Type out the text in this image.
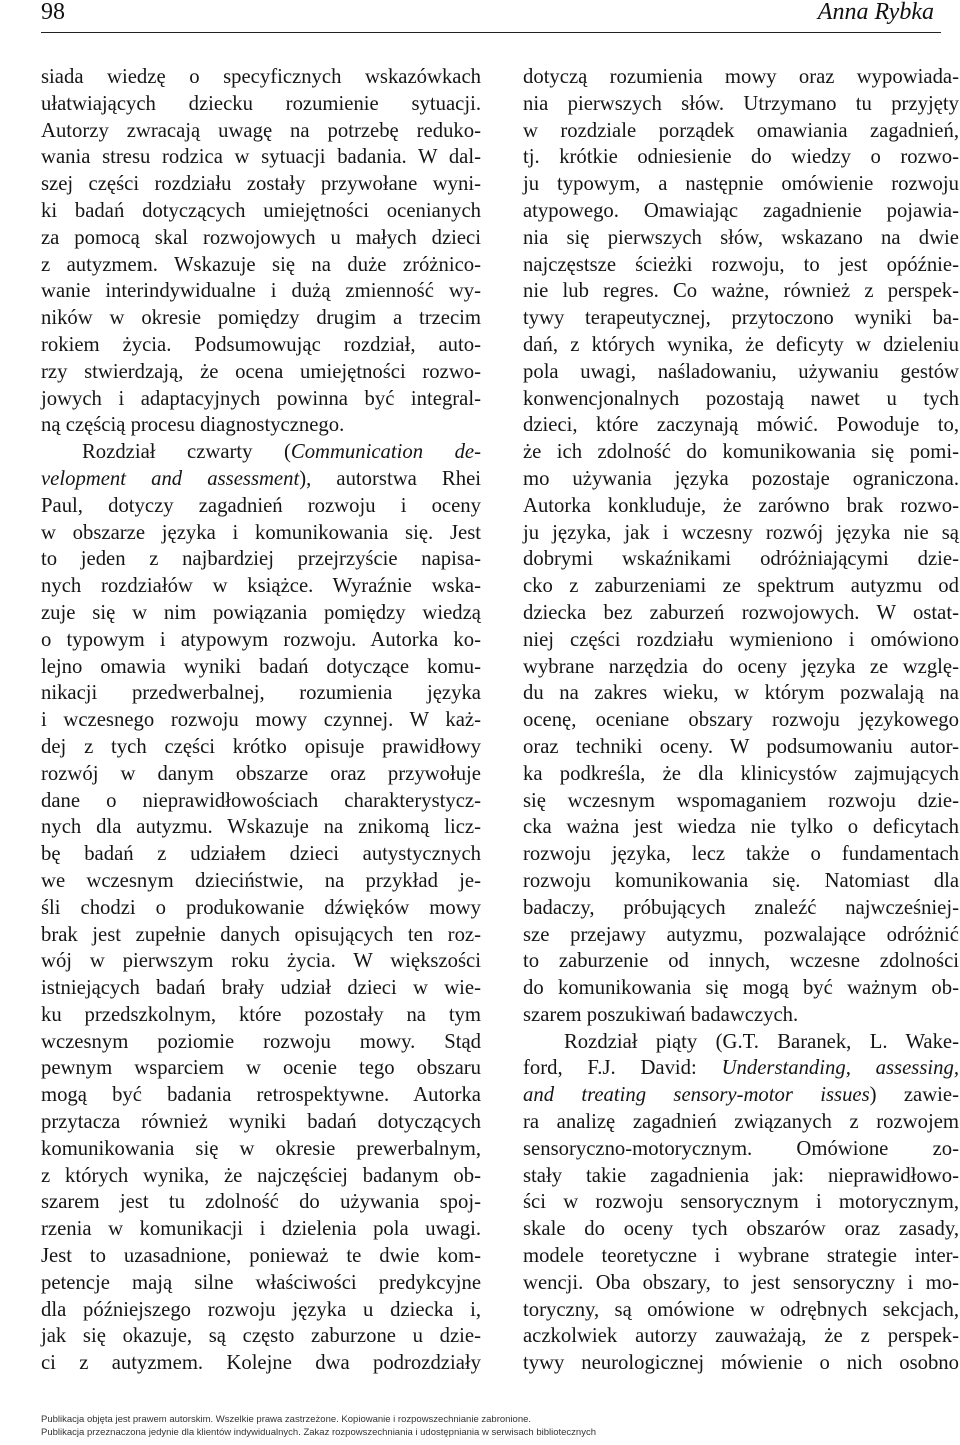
98	Anna Rybka
siada wiedzę o specyficznych wskazówkach
ułatwiających dziecku rozumienie sytuacji.
Autorzy zwracają uwagę na potrzebę reduko-
wania stresu rodzica w sytuacji badania. W dal-
szej części rozdziału zostały przywołane wyni-
ki badań dotyczących umiejętności ocenianych
za pomocą skal rozwojowych u małych dzieci
z autyzmem. Wskazuje się na duże zróżnico-
wanie interindywidualne i dużą zmienność wy-
ników w okresie pomiędzy drugim a trzecim
rokiem życia. Podsumowując rozdział, auto-
rzy stwierdzają, że ocena umiejętności rozwo-
jowych i adaptacyjnych powinna być integral-
ną częścią procesu diagnostycznego.
Rozdział czwarty (Communication de-
velopment and assessment), autorstwa Rhei
Paul, dotyczy zagadnień rozwoju i oceny
w obszarze języka i komunikowania się. Jest
to jeden z najbardziej przejrzyście napisa-
nych rozdziałów w książce. Wyraźnie wska-
zuje się w nim powiązania pomiędzy wiedzą
o typowym i atypowym rozwoju. Autorka ko-
lejno omawia wyniki badań dotyczące komu-
nikacji przedwerbalnej, rozumienia języka
i wczesnego rozwoju mowy czynnej. W każ-
dej z tych części krótko opisuje prawidłowy
rozwój w danym obszarze oraz przywołuje
dane o nieprawidłowościach charakterystycz-
nych dla autyzmu. Wskazuje na znikomą licz-
bę badań z udziałem dzieci autystycznych
we wczesnym dzieciństwie, na przykład je-
śli chodzi o produkowanie dźwięków mowy
brak jest zupełnie danych opisujących ten roz-
wój w pierwszym roku życia. W większości
istniejących badań brały udział dzieci w wie-
ku przedszkolnym, które pozostały na tym
wczesnym poziomie rozwoju mowy. Stąd
pewnym wsparciem w ocenie tego obszaru
mogą być badania retrospektywne. Autorka
przytacza również wyniki badań dotyczących
komunikowania się w okresie prewerbalnym,
z których wynika, że najczęściej badanym ob-
szarem jest tu zdolność do używania spoj-
rzenia w komunikacji i dzielenia pola uwagi.
Jest to uzasadnione, ponieważ te dwie kom-
petencje mają silne właściwości predykcyjne
dla późniejszego rozwoju języka u dziecka i,
jak się okazuje, są często zaburzone u dzie-
ci z autyzmem. Kolejne dwa podrozdziały
dotyczą rozumienia mowy oraz wypowiada-
nia pierwszych słów. Utrzymano tu przyjęty
w rozdziale porządek omawiania zagadnień,
tj. krótkie odniesienie do wiedzy o rozwo-
ju typowym, a następnie omówienie rozwoju
atypowego. Omawiając zagadnienie pojawia-
nia się pierwszych słów, wskazano na dwie
najczęstsze ścieżki rozwoju, to jest opóźnie-
nie lub regres. Co ważne, również z perspek-
tywy terapeutycznej, przytoczono wyniki ba-
dań, z których wynika, że deficyty w dzieleniu
pola uwagi, naśladowaniu, używaniu gestów
konwencjonalnych pozostają nawet u tych
dzieci, które zaczynają mówić. Powoduje to,
że ich zdolność do komunikowania się pomi-
mo używania języka pozostaje ograniczona.
Autorka konkluduje, że zarówno brak rozwo-
ju języka, jak i wczesny rozwój języka nie są
dobrymi wskaźnikami odróżniającymi dzie-
cko z zaburzeniami ze spektrum autyzmu od
dziecka bez zaburzeń rozwojowych. W ostat-
niej części rozdziału wymieniono i omówiono
wybrane narzędzia do oceny języka ze wzglę-
du na zakres wieku, w którym pozwalają na
ocenę, oceniane obszary rozwoju językowego
oraz techniki oceny. W podsumowaniu autor-
ka podkreśla, że dla klinicystów zajmujących
się wczesnym wspomaganiem rozwoju dzie-
cka ważna jest wiedza nie tylko o deficytach
rozwoju języka, lecz także o fundamentach
rozwoju komunikowania się. Natomiast dla
badaczy, próbujących znaleźć najwcześniej-
sze przejawy autyzmu, pozwalające odróżnić
to zaburzenie od innych, wczesne zdolności
do komunikowania się mogą być ważnym ob-
szarem poszukiwań badawczych.
Rozdział piąty (G.T. Baranek, L. Wake-
ford, F.J. David: Understanding, assessing,
and treating sensory-motor issues) zawie-
ra analizę zagadnień związanych z rozwojem
sensoryczno-motorycznym. Omówione zo-
stały takie zagadnienia jak: nieprawidłowo-
ści w rozwoju sensorycznym i motorycznym,
skale do oceny tych obszarów oraz zasady,
modele teoretyczne i wybrane strategie inter-
wencji. Oba obszary, to jest sensoryczny i mo-
toryczny, są omówione w odrębnych sekcjach,
aczkolwiek autorzy zauważają, że z perspek-
tywy neurologicznej mówienie o nich osobno
Publikacja objęta jest prawem autorskim. Wszelkie prawa zastrzeżone. Kopiowanie i rozpowszechnianie zabronione.
Publikacja przeznaczona jedynie dla klientów indywidualnych. Zakaz rozpowszechniania i udostępniania w serwisach bibliotecznych
